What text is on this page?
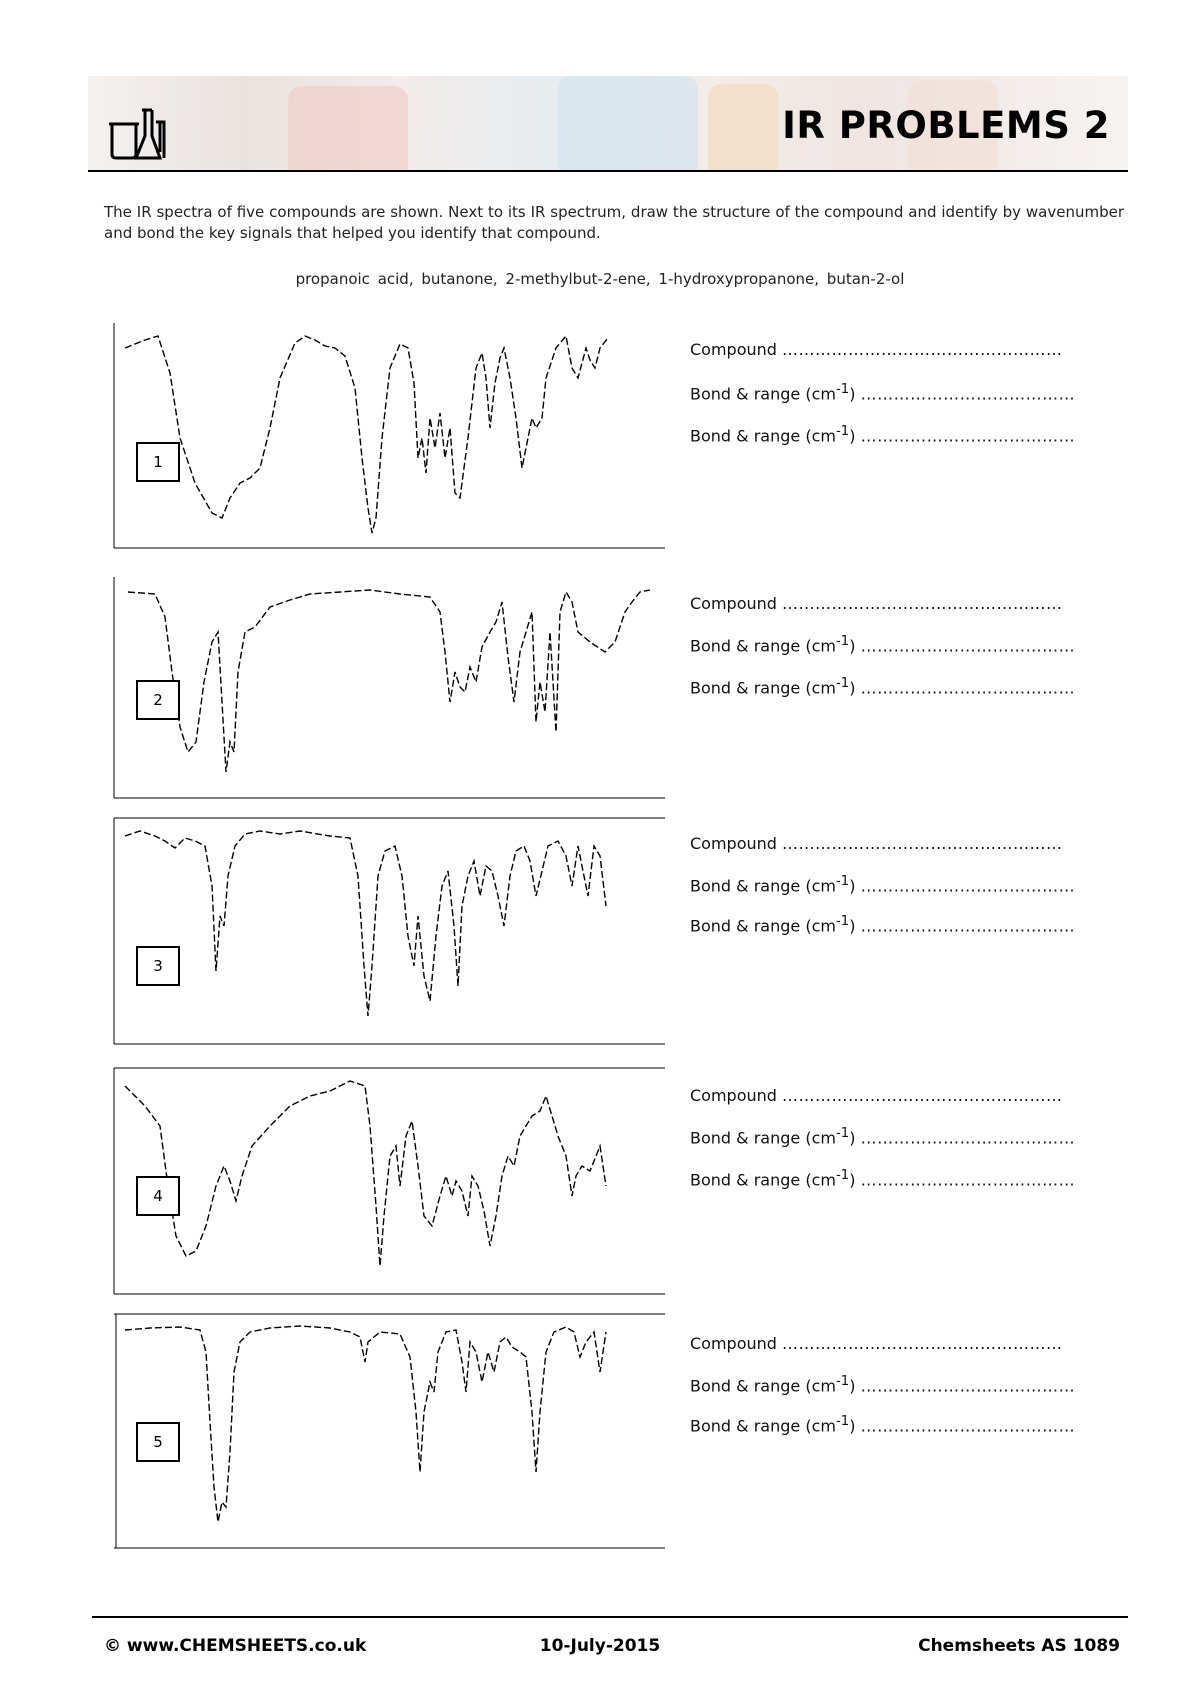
IR PROBLEMS 2
The IR spectra of five compounds are shown. Next to its IR spectrum, draw the structure of the compound and identify by wavenumber and bond the key signals that helped you identify that compound.
propanoic acid, butanone, 2-methylbut-2-ene, 1-hydroxypropanone, butan-2-ol
1
Compound ……………………………………………
Bond & range $(cm^{-1})$ …………………………………
Bond & range $(cm^{-1})$ …………………………………
2
Compound ……………………………………………
Bond & range $(cm^{-1})$ …………………………………
Bond & range $(cm^{-1})$ …………………………………
3
Compound ……………………………………………
Bond & range $(cm^{-1})$ …………………………………
Bond & range $(cm^{-1})$ …………………………………
4
Compound ……………………………………………
Bond & range $(cm^{-1})$ …………………………………
Bond & range $(cm^{-1})$ …………………………………
5
Compound ……………………………………………
Bond & range $(cm^{-1})$ …………………………………
Bond & range $(cm^{-1})$ …………………………………
© www.CHEMSHEETS.co.uk	10-July-2015	Chemsheets AS 1089
